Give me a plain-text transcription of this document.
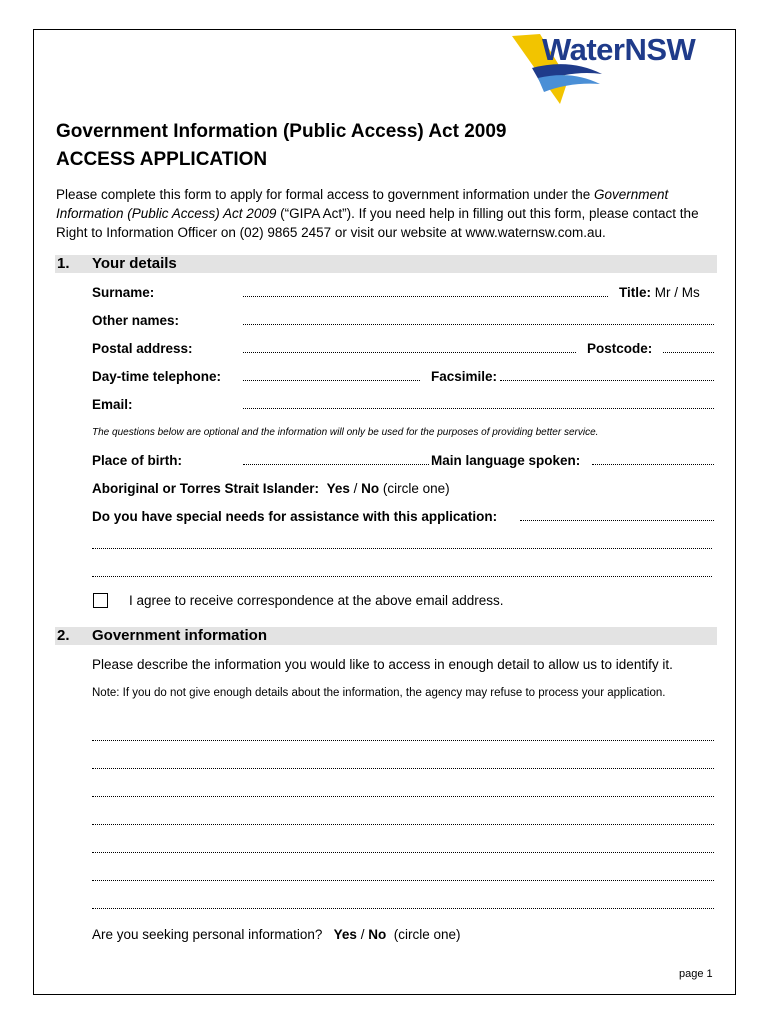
WaterNSW
Government Information (Public Access) Act 2009
ACCESS APPLICATION
Please complete this form to apply for formal access to government information under the Government Information (Public Access) Act 2009 (“GIPA Act”). If you need help in filling out this form, please contact the Right to Information Officer on (02) 9865 2457 or visit our website at www.waternsw.com.au.
1. Your details
Surname:	Title: Mr / Ms
Other names:
Postal address:	Postcode:
Day-time telephone:	Facsimile:
Email:
The questions below are optional and the information will only be used for the purposes of providing better service.
Place of birth:	Main language spoken:
Aboriginal or Torres Strait Islander: Yes / No (circle one)
Do you have special needs for assistance with this application:
I agree to receive correspondence at the above email address.
2. Government information
Please describe the information you would like to access in enough detail to allow us to identify it.
Note: If you do not give enough details about the information, the agency may refuse to process your application.
Are you seeking personal information? Yes / No (circle one)
page 1
